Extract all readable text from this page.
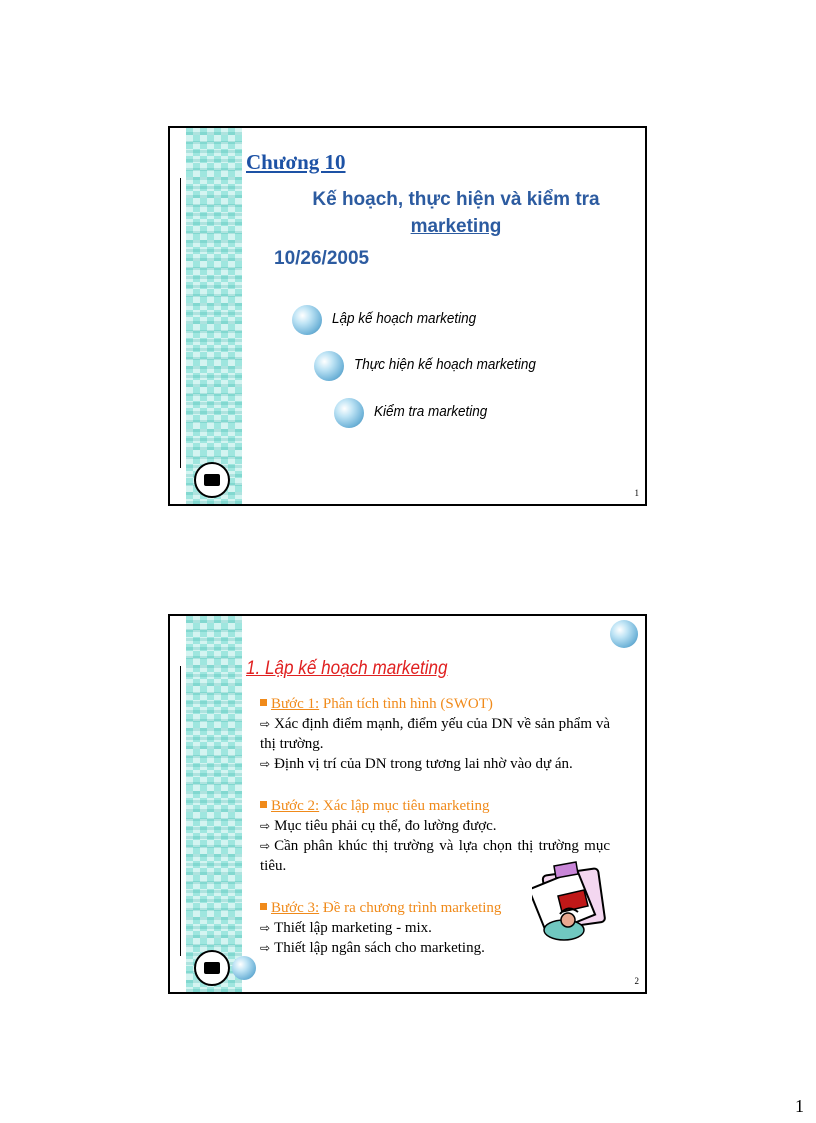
Chương 10
Kế hoạch, thực hiện và kiểm tra
marketing
10/26/2005
Lập kế hoạch marketing
Thực hiện kế hoạch marketing
Kiểm tra marketing
1
1. Lập kế hoạch marketing
Bước 1: Phân tích tình hình (SWOT)
⇨ Xác định điểm mạnh, điểm yếu của DN về sản phẩm và thị trường.
⇨ Định vị trí của DN trong tương lai nhờ vào dự án.
Bước 2: Xác lập mục tiêu marketing
⇨ Mục tiêu phải cụ thể, đo lường được.
⇨ Cần phân khúc thị trường và lựa chọn thị trường mục tiêu.
Bước 3: Đề ra chương trình marketing
⇨ Thiết lập marketing - mix.
⇨ Thiết lập ngân sách cho marketing.
2
1
